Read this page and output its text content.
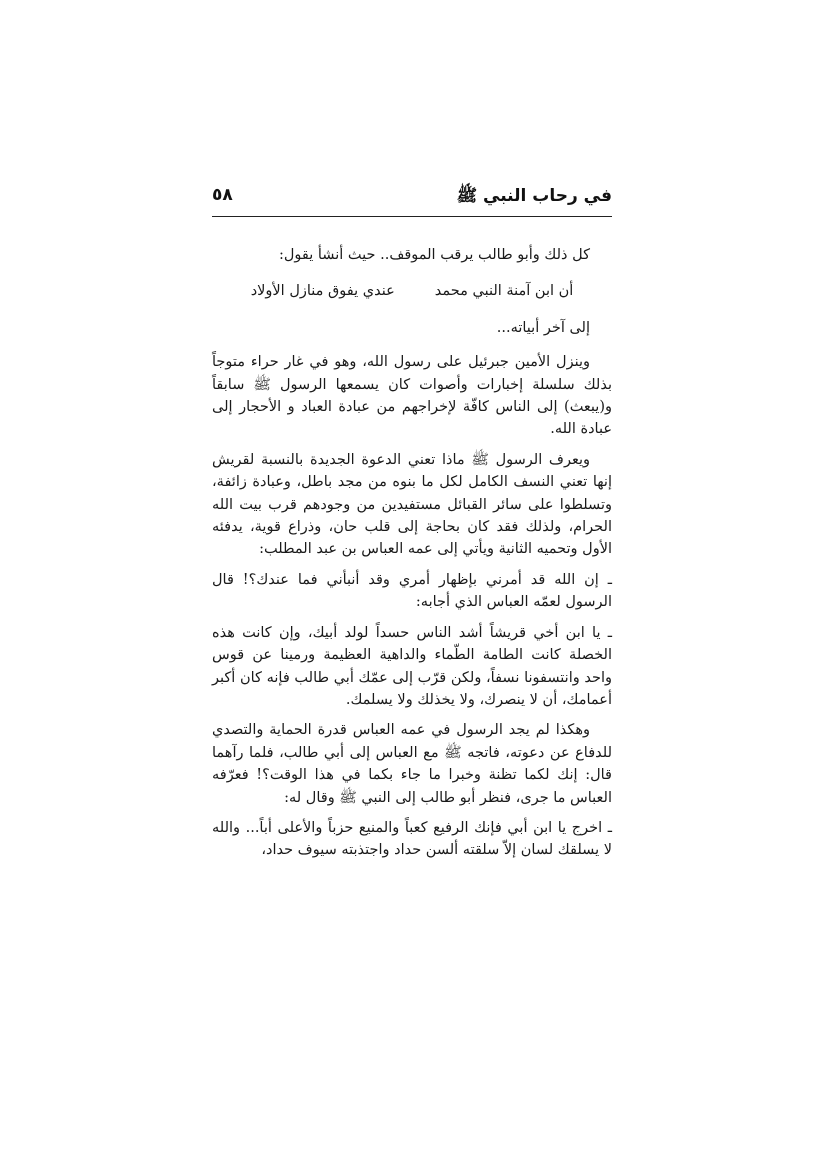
في رحاب النبي ﷺ
٥٨

كل ذلك وأبو طالب يرقب الموقف.. حيث أنشأ يقول:

أن ابن آمنة النبي محمد
عندي يفوق منازل الأولاد

إلى آخر أبياته...

وينزل الأمين جبرئيل على رسول الله، وهو في غار حراء متوجاً بذلك سلسلة إخبارات وأصوات كان يسمعها الرسول ﷺ سابقاً و(يبعث) إلى الناس كافّة لإخراجهم من عبادة العباد و الأحجار إلى عبادة الله.

ويعرف الرسول ﷺ ماذا تعني الدعوة الجديدة بالنسبة لقريش إنها تعني النسف الكامل لكل ما بنوه من مجد باطل، وعبادة زائفة، وتسلطوا على سائر القبائل مستفيدين من وجودهم قرب بيت الله الحرام، ولذلك فقد كان بحاجة إلى قلب حان، وذراع قوية، يدفئه الأول وتحميه الثانية ويأتي إلى عمه العباس بن عبد المطلب:

ـ إن الله قد أمرني بإظهار أمري وقد أنبأني فما عندك؟! قال الرسول لعمّه العباس الذي أجابه:

ـ يا ابن أخي قريشاً أشد الناس حسداً لولد أبيك، وإن كانت هذه الخصلة كانت الطامة الطّماء والداهية العظيمة ورمينا عن قوس واحد وانتسفونا نسفاً، ولكن قرّب إلى عمّك أبي طالب فإنه كان أكبر أعمامك، أن لا ينصرك، ولا يخذلك ولا يسلمك.

وهكذا لم يجد الرسول في عمه العباس قدرة الحماية والتصدي للدفاع عن دعوته، فاتجه ﷺ مع العباس إلى أبي طالب، فلما رآهما قال: إنك لكما تظنة وخبرا ما جاء بكما في هذا الوقت؟! فعرّفه العباس ما جرى، فنظر أبو طالب إلى النبي ﷺ وقال له:

ـ اخرج يا ابن أبي فإنك الرفيع كعباً والمنيع حزباً والأعلى أباً... والله لا يسلقك لسان إلاّ سلقته ألسن حداد واجتذبته سيوف حداد،
